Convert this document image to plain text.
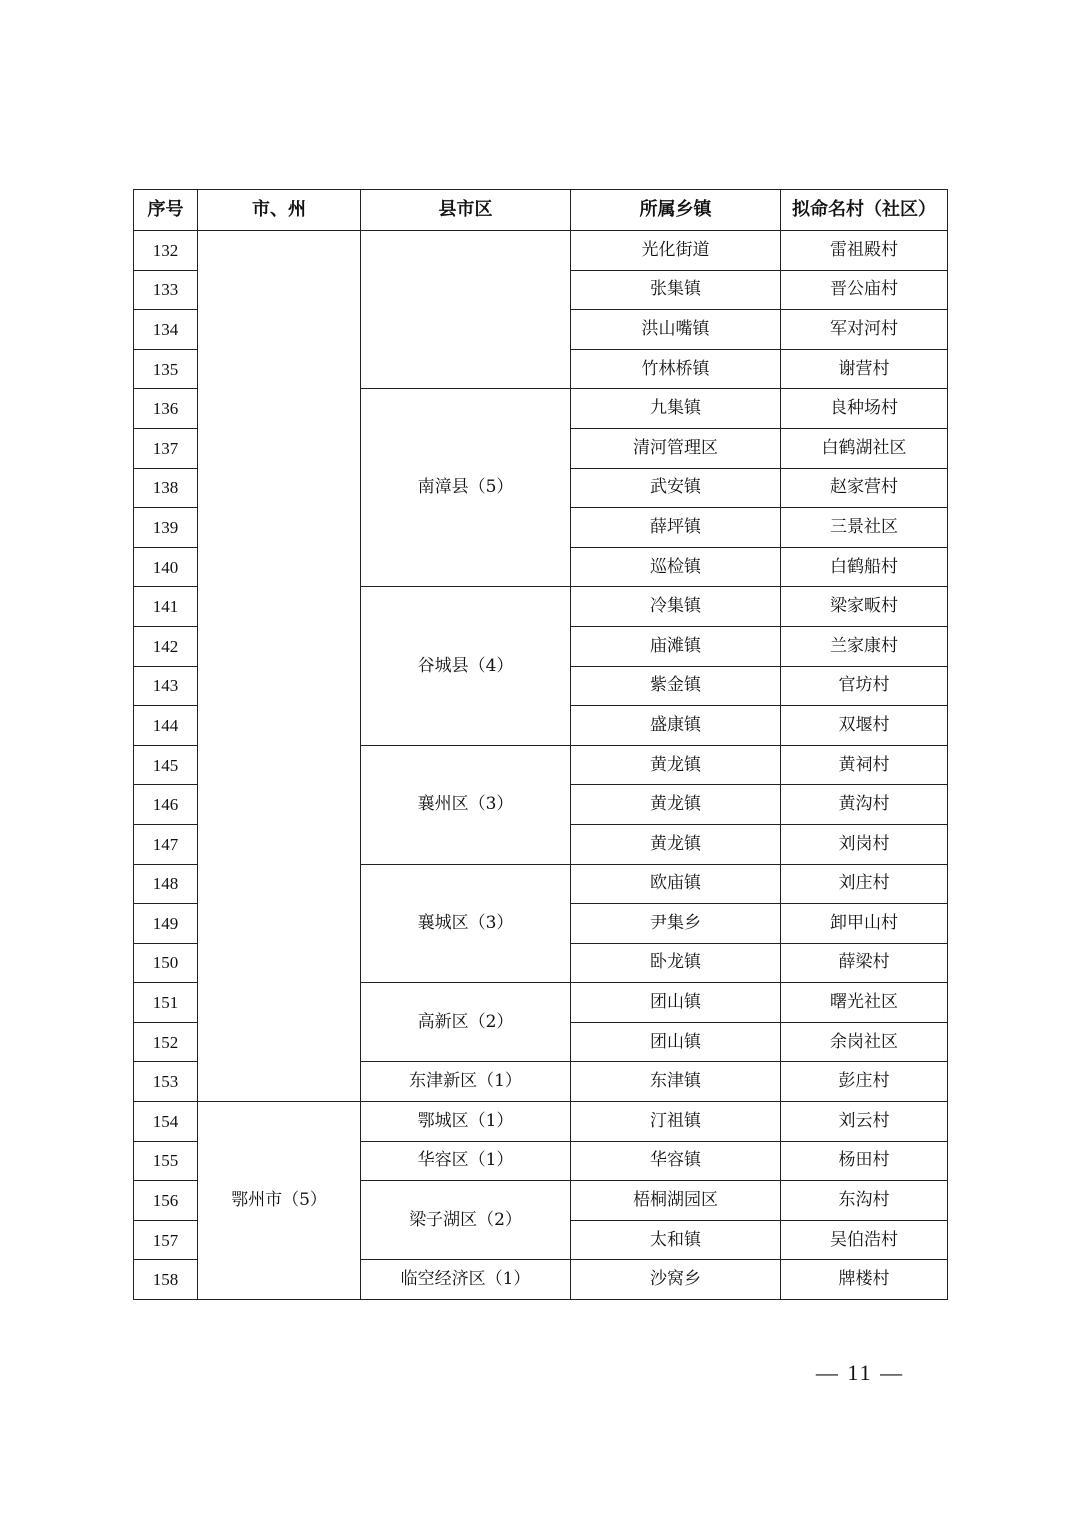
序号	市、州	县市区	所属乡镇	拟命名村（社区）
132			光化街道	雷祖殿村
133			张集镇	晋公庙村
134			洪山嘴镇	军对河村
135			竹林桥镇	谢营村
136		南漳县（5）	九集镇	良种场村
137			清河管理区	白鹤湖社区
138			武安镇	赵家营村
139			薛坪镇	三景社区
140			巡检镇	白鹤船村
141		谷城县（4）	冷集镇	梁家畈村
142			庙滩镇	兰家康村
143			紫金镇	官坊村
144			盛康镇	双堰村
145		襄州区（3）	黄龙镇	黄祠村
146			黄龙镇	黄沟村
147			黄龙镇	刘岗村
148		襄城区（3）	欧庙镇	刘庄村
149			尹集乡	卸甲山村
150			卧龙镇	薛梁村
151		高新区（2）	团山镇	曙光社区
152			团山镇	余岗社区
153		东津新区（1）	东津镇	彭庄村
154	鄂州市（5）	鄂城区（1）	汀祖镇	刘云村
155		华容区（1）	华容镇	杨田村
156		梁子湖区（2）	梧桐湖园区	东沟村
157			太和镇	吴伯浩村
158		临空经济区（1）	沙窝乡	牌楼村
— 11 —
